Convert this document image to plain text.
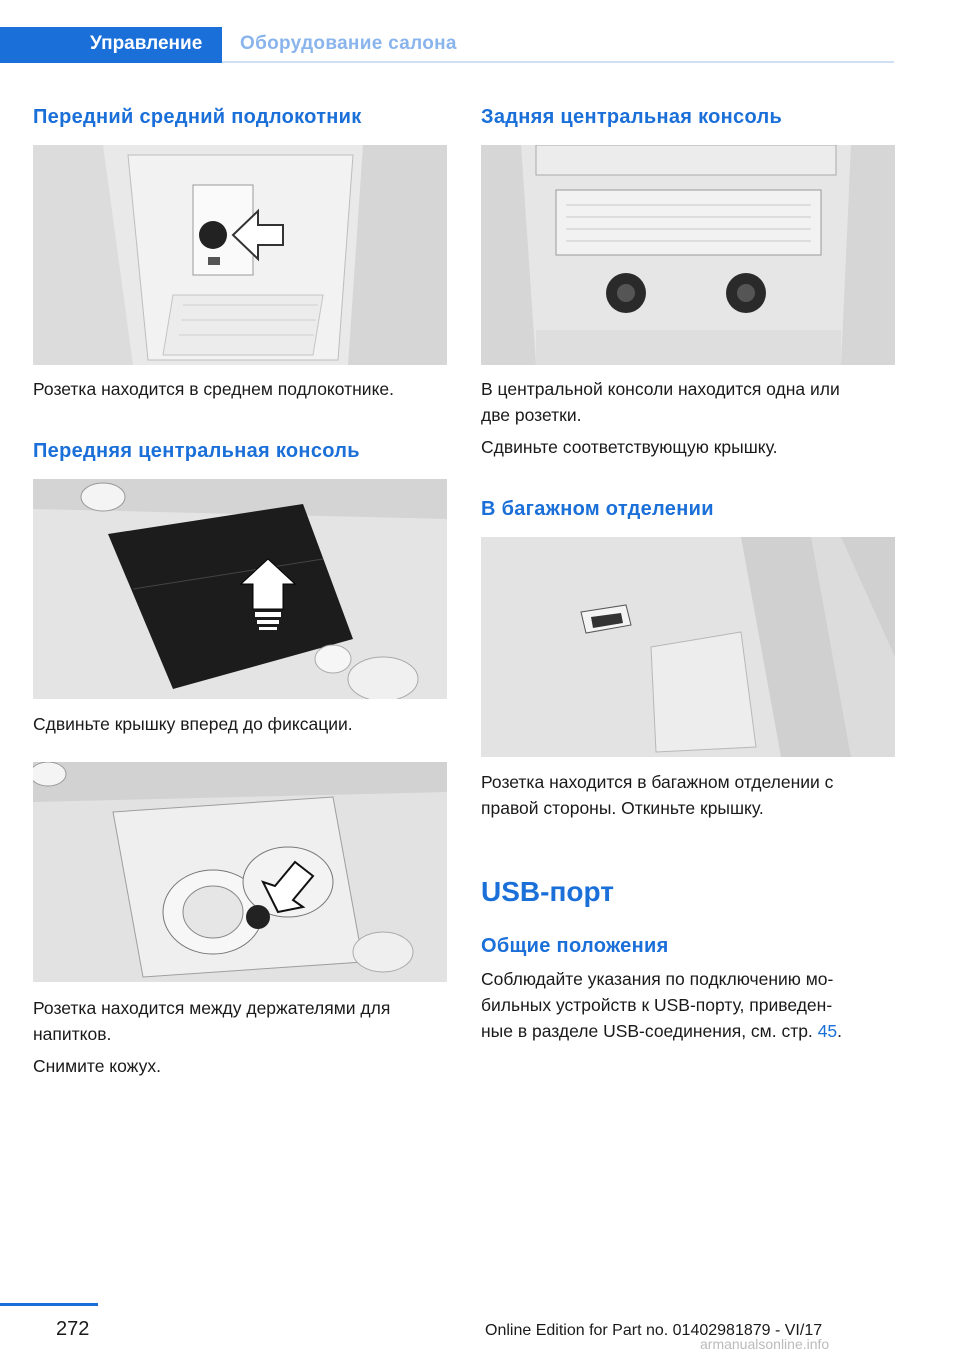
Управление Оборудование салона
Передний средний подлокотник
Розетка находится в среднем подлокотнике.
Передняя центральная консоль
Сдвиньте крышку вперед до фиксации.
Розетка находится между держателями для
напитков.
Снимите кожух.
Задняя центральная консоль
В центральной консоли находится одна или
две розетки.
Сдвиньте соответствующую крышку.
В багажном отделении
Розетка находится в багажном отделении с
правой стороны. Откиньте крышку.
USB-порт
Общие положения
Соблюдайте указания по подключению мо-
бильных устройств к USB-порту, приведен-
ные в разделе USB-соединения, см. стр. 45.
272	Online Edition for Part no. 01402981879 - VI/17
armanualsonline.info
